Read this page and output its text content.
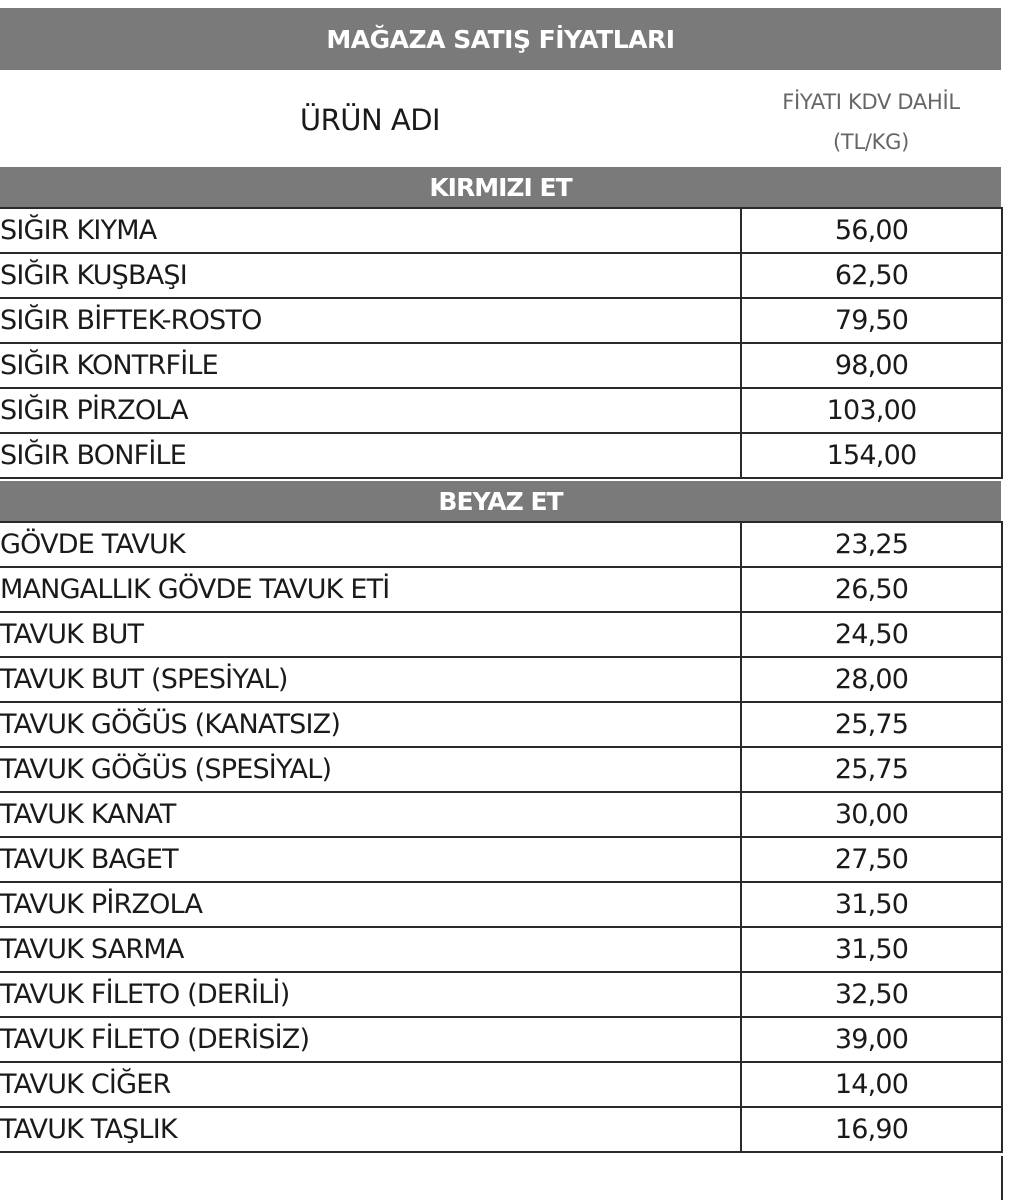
MAĞAZA SATIŞ FİYATLARI
ÜRÜN ADI
FİYATI KDV DAHİL
(TL/KG)
KIRMIZI ET
SIĞIR KIYMA	56,00
SIĞIR KUŞBAŞI	62,50
SIĞIR BİFTEK-ROSTO	79,50
SIĞIR KONTRFİLE	98,00
SIĞIR PİRZOLA	103,00
SIĞIR BONFİLE	154,00
BEYAZ ET
GÖVDE TAVUK	23,25
MANGALLIK GÖVDE TAVUK ETİ	26,50
TAVUK BUT	24,50
TAVUK BUT (SPESİYAL)	28,00
TAVUK GÖĞÜS (KANATSIZ)	25,75
TAVUK GÖĞÜS (SPESİYAL)	25,75
TAVUK KANAT	30,00
TAVUK BAGET	27,50
TAVUK PİRZOLA	31,50
TAVUK SARMA	31,50
TAVUK FİLETO (DERİLİ)	32,50
TAVUK FİLETO (DERİSİZ)	39,00
TAVUK CİĞER	14,00
TAVUK TAŞLIK	16,90
